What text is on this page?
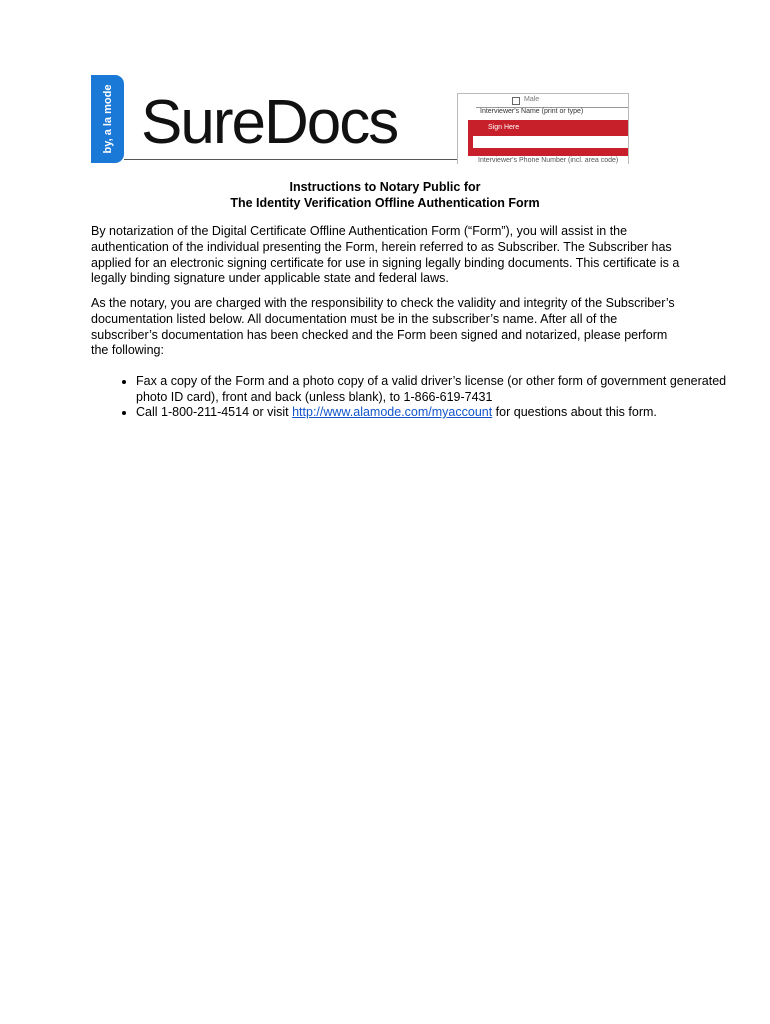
by, a la mode SureDocs	Male
Interviewer's Name (print or type)
Sign Here
Interviewer's Phone Number (incl. area code)
Instructions to Notary Public for
The Identity Verification Offline Authentication Form

By notarization of the Digital Certificate Offline Authentication Form (“Form”), you will assist in the authentication of the individual presenting the Form, herein referred to as Subscriber. The Subscriber has applied for an electronic signing certificate for use in signing legally binding documents. This certificate is a legally binding signature under applicable state and federal laws.

As the notary, you are charged with the responsibility to check the validity and integrity of the Subscriber’s documentation listed below. All documentation must be in the subscriber’s name. After all of the subscriber’s documentation has been checked and the Form been signed and notarized, please perform the following:

• Fax a copy of the Form and a photo copy of a valid driver’s license (or other form of government generated photo ID card), front and back (unless blank), to 1-866-619-7431
• Call 1-800-211-4514 or visit http://www.alamode.com/myaccount for questions about this form.
